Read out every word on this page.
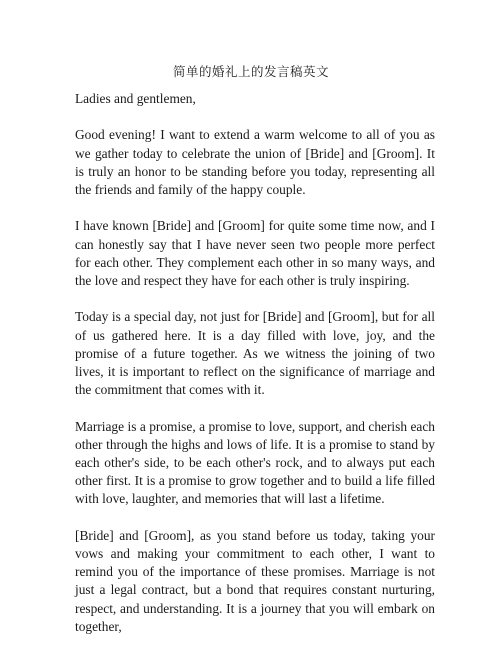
简单的婚礼上的发言稿英文

Ladies and gentlemen,

Good evening! I want to extend a warm welcome to all of you as we gather today to celebrate the union of [Bride] and [Groom]. It is truly an honor to be standing before you today, representing all the friends and family of the happy couple.

I have known [Bride] and [Groom] for quite some time now, and I can honestly say that I have never seen two people more perfect for each other. They complement each other in so many ways, and the love and respect they have for each other is truly inspiring.

Today is a special day, not just for [Bride] and [Groom], but for all of us gathered here. It is a day filled with love, joy, and the promise of a future together. As we witness the joining of two lives, it is important to reflect on the significance of marriage and the commitment that comes with it.

Marriage is a promise, a promise to love, support, and cherish each other through the highs and lows of life. It is a promise to stand by each other's side, to be each other's rock, and to always put each other first. It is a promise to grow together and to build a life filled with love, laughter, and memories that will last a lifetime.

[Bride] and [Groom], as you stand before us today, taking your vows and making your commitment to each other, I want to remind you of the importance of these promises. Marriage is not just a legal contract, but a bond that requires constant nurturing, respect, and understanding. It is a journey that you will embark on together,
